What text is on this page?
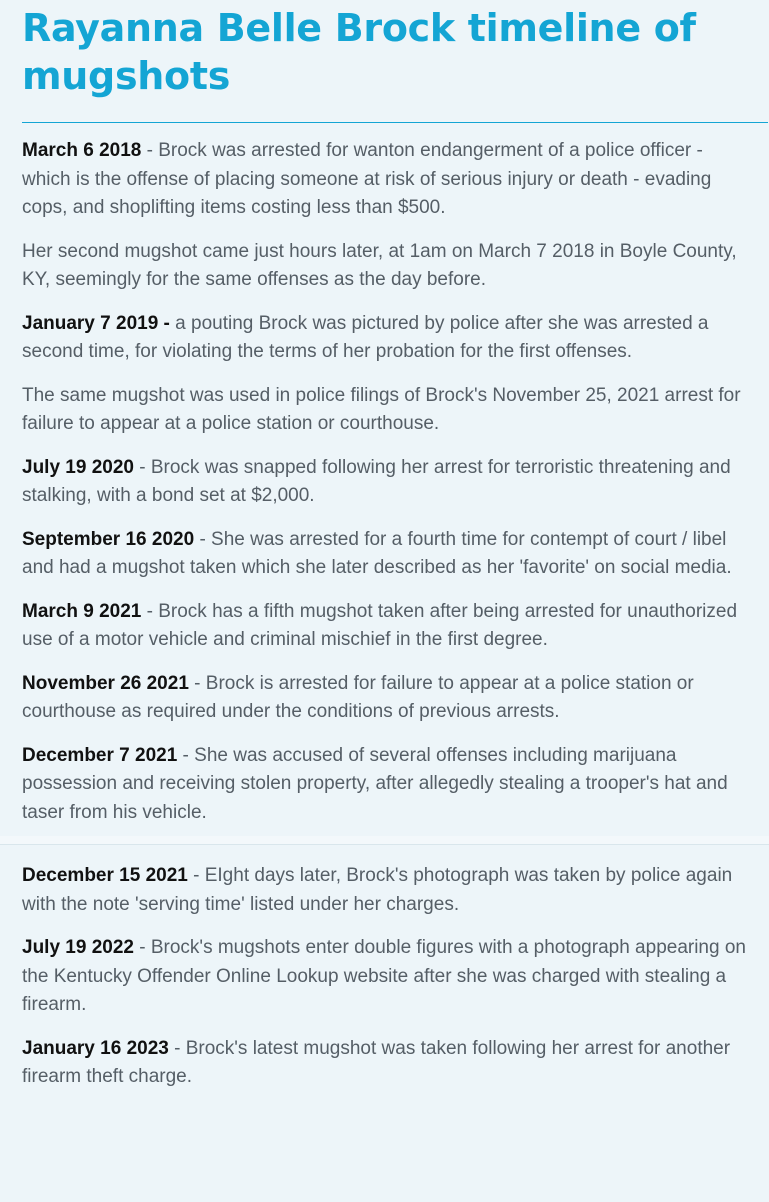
Rayanna Belle Brock timeline of mugshots

March 6 2018 - Brock was arrested for wanton endangerment of a police officer - which is the offense of placing someone at risk of serious injury or death - evading cops, and shoplifting items costing less than $500.

Her second mugshot came just hours later, at 1am on March 7 2018 in Boyle County, KY, seemingly for the same offenses as the day before.

January 7 2019 - a pouting Brock was pictured by police after she was arrested a second time, for violating the terms of her probation for the first offenses.

The same mugshot was used in police filings of Brock's November 25, 2021 arrest for failure to appear at a police station or courthouse.

July 19 2020 - Brock was snapped following her arrest for terroristic threatening and stalking, with a bond set at $2,000.

September 16 2020 - She was arrested for a fourth time for contempt of court / libel and had a mugshot taken which she later described as her 'favorite' on social media.

March 9 2021 - Brock has a fifth mugshot taken after being arrested for unauthorized use of a motor vehicle and criminal mischief in the first degree.

November 26 2021 - Brock is arrested for failure to appear at a police station or courthouse as required under the conditions of previous arrests.

December 7 2021 - She was accused of several offenses including marijuana possession and receiving stolen property, after allegedly stealing a trooper's hat and taser from his vehicle.

December 15 2021 - EIght days later, Brock's photograph was taken by police again with the note 'serving time' listed under her charges.

July 19 2022 - Brock's mugshots enter double figures with a photograph appearing on the Kentucky Offender Online Lookup website after she was charged with stealing a firearm.

January 16 2023 - Brock's latest mugshot was taken following her arrest for another firearm theft charge.
